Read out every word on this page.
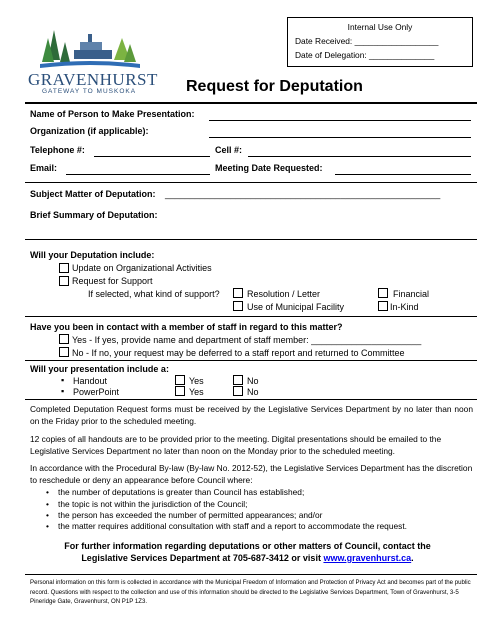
Internal Use Only
Date Received: __________________
Date of Delegation: ______________
GRAVENHURST
GATEWAY TO MUSKOKA	Request for Deputation
Name of Person to Make Presentation:
Organization (if applicable):
Telephone #:	Cell #:
Email:	Meeting Date Requested:
Subject Matter of Deputation: _______________________________________________________
Brief Summary of Deputation:
Will your Deputation include:
Update on Organizational Activities
Request for Support
If selected, what kind of support?	Resolution / Letter	Financial
Use of Municipal Facility	In-Kind
Have you been in contact with a member of staff in regard to this matter?
Yes - If yes, provide name and department of staff member: ______________________
No - If no, your request may be deferred to a staff report and returned to Committee
Will your presentation include a:
▪ Handout	Yes	No
▪ PowerPoint	Yes	No
Completed Deputation Request forms must be received by the Legislative Services Department by no later than noon on the Friday prior to the scheduled meeting.
12 copies of all handouts are to be provided prior to the meeting. Digital presentations should be emailed to the Legislative Services Department no later than noon on the Monday prior to the scheduled meeting.
In accordance with the Procedural By-law (By-law No. 2012-52), the Legislative Services Department has the discretion to reschedule or deny an appearance before Council where:
• the number of deputations is greater than Council has established;
• the topic is not within the jurisdiction of the Council;
• the person has exceeded the number of permitted appearances; and/or
• the matter requires additional consultation with staff and a report to accommodate the request.
For further information regarding deputations or other matters of Council, contact the
Legislative Services Department at 705-687-3412 or visit www.gravenhurst.ca.
Personal information on this form is collected in accordance with the Municipal Freedom of Information and Protection of Privacy Act and becomes part of the public record. Questions with respect to the collection and use of this information should be directed to the Legislative Services Department, Town of Gravenhurst, 3-5 Pineridge Gate, Gravenhurst, ON P1P 1Z3.
